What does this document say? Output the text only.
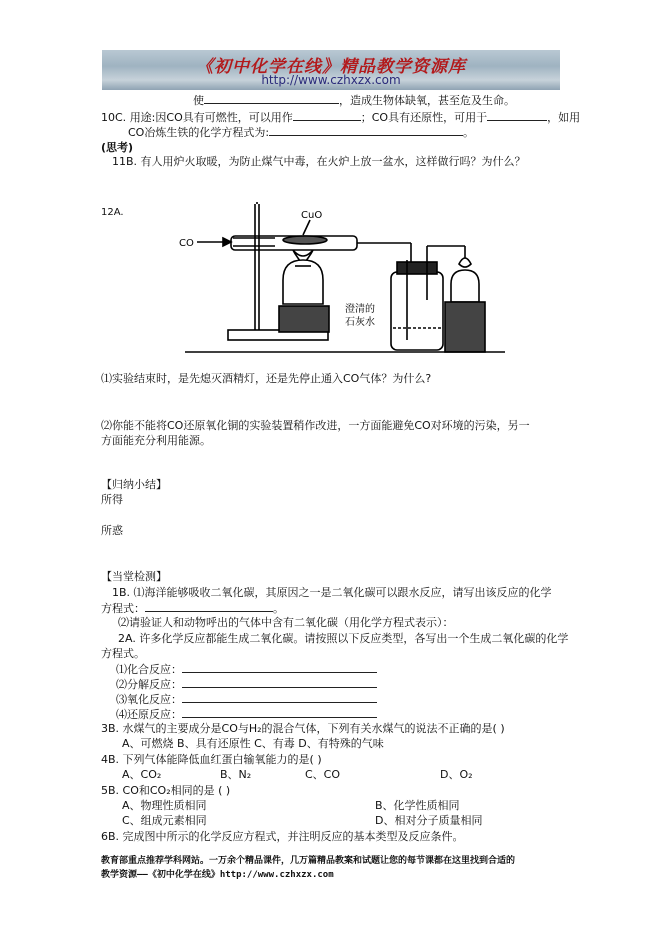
《初中化学在线》精品教学资源库
http://www.czhxzx.com
使	，造成生物体缺氧，甚至危及生命。
10C. 用途:因CO具有可燃性，可以用作	；CO具有还原性，可用于	，如用
CO冶炼生铁的化学方程式为:	。
(思考)
11B. 有人用炉火取暖，为防止煤气中毒，在火炉上放一盆水，这样做行吗？为什么？
12A.
CO
CuO
澄清的
石灰水
⑴实验结束时，是先熄灭酒精灯，还是先停止通入CO气体？为什么?
⑵你能不能将CO还原氧化铜的实验装置稍作改进，一方面能避免CO对环境的污染，另一
方面能充分利用能源。
【归纳小结】
所得
所惑
【当堂检测】
1B. ⑴海洋能够吸收二氧化碳，其原因之一是二氧化碳可以跟水反应，请写出该反应的化学
方程式：	。
⑵请验证人和动物呼出的气体中含有二氧化碳（用化学方程式表示）：
2A. 许多化学反应都能生成二氧化碳。请按照以下反应类型，各写出一个生成二氧化碳的化学
方程式。
⑴化合反应：
⑵分解反应：
⑶氧化反应：
⑷还原反应：
3B. 水煤气的主要成分是CO与H₂的混合气体，下列有关水煤气的说法不正确的是( )
A、可燃烧 B、具有还原性 C、有毒 D、有特殊的气味
4B. 下列气体能降低血红蛋白输氧能力的是( )
A、CO₂	B、N₂	C、CO	D、O₂
5B. CO和CO₂相同的是 ( )
A、物理性质相同	B、化学性质相同
C、组成元素相同	D、相对分子质量相同
6B. 完成图中所示的化学反应方程式，并注明反应的基本类型及反应条件。
教育部重点推荐学科网站。一万余个精品课件，几万篇精品教案和试题让您的每节课都在这里找到合适的
教学资源——《初中化学在线》http://www.czhxzx.com
